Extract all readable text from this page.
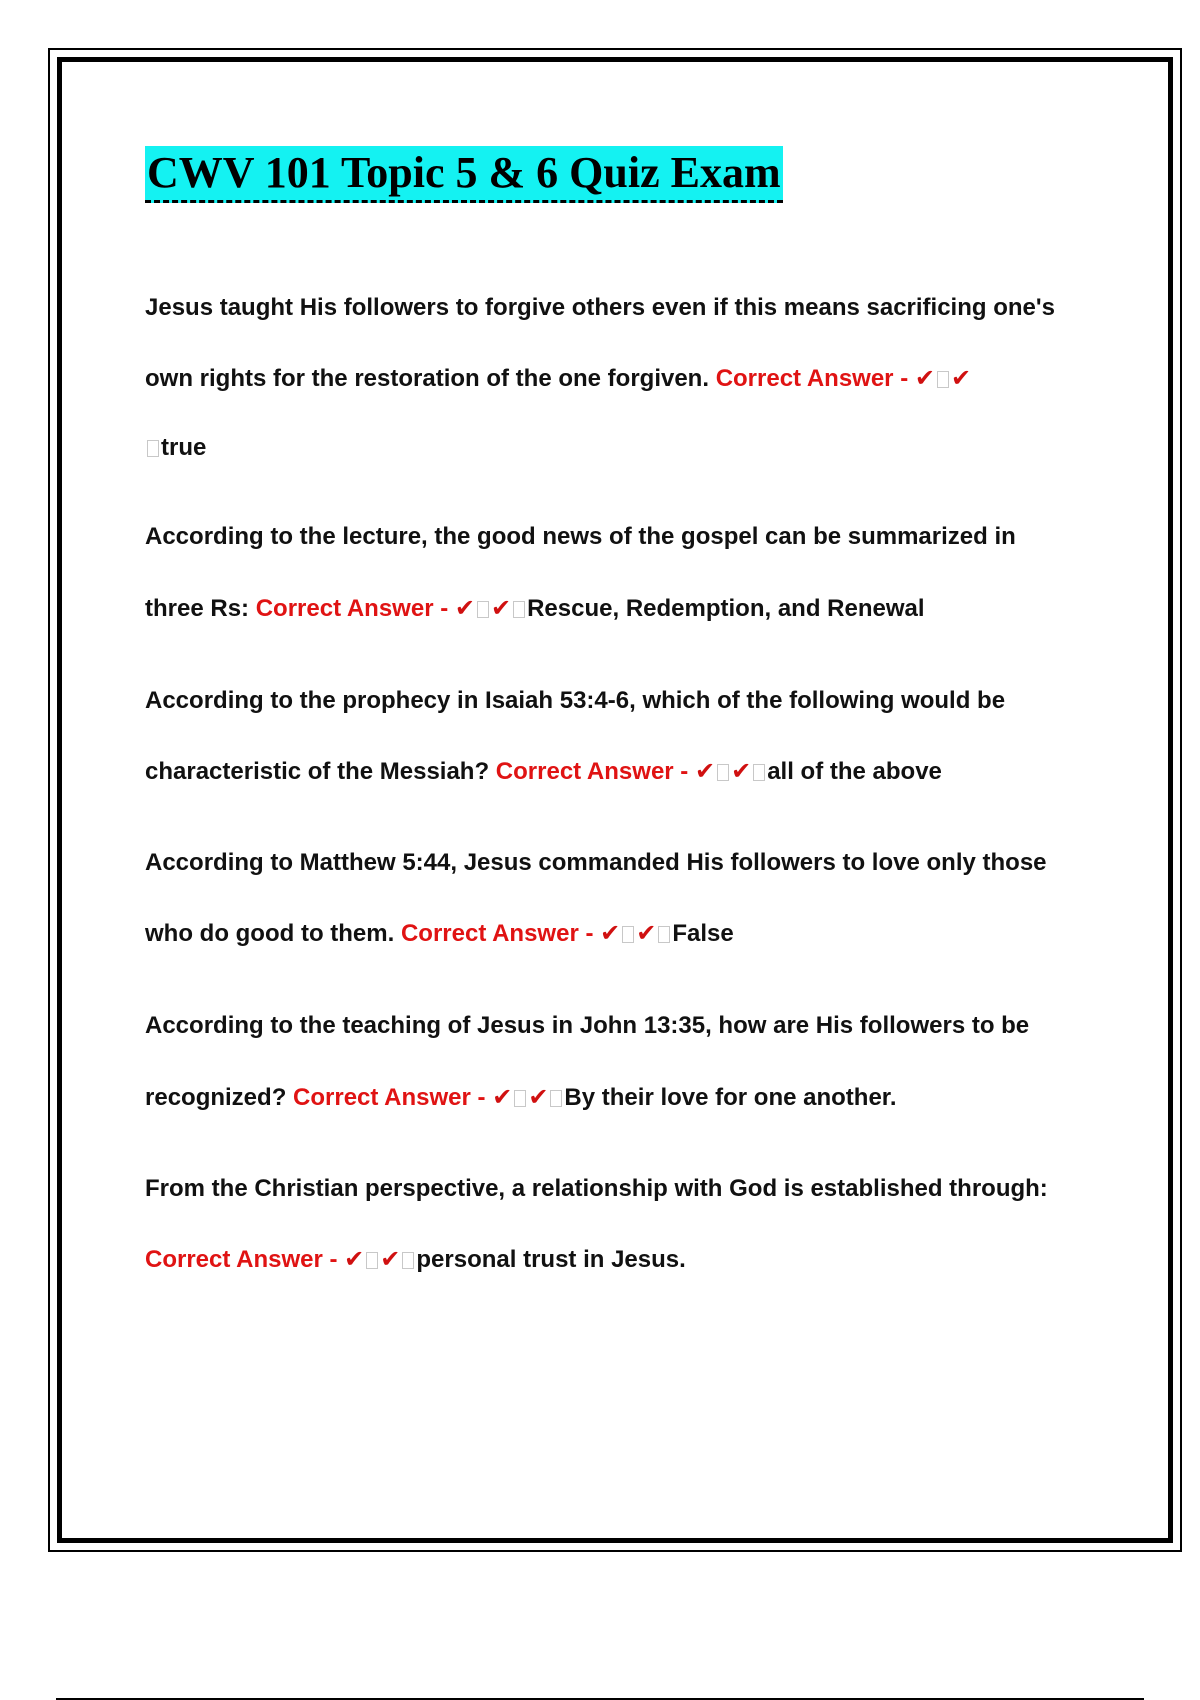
CWV 101 Topic 5 & 6 Quiz Exam
Jesus taught His followers to forgive others even if this means sacrificing one's
own rights for the restoration of the one forgiven. Correct Answer - ✔ ✔
true
According to the lecture, the good news of the gospel can be summarized in
three Rs: Correct Answer - ✔ ✔ Rescue, Redemption, and Renewal
According to the prophecy in Isaiah 53:4-6, which of the following would be
characteristic of the Messiah? Correct Answer - ✔ ✔ all of the above
According to Matthew 5:44, Jesus commanded His followers to love only those
who do good to them. Correct Answer - ✔ ✔ False
According to the teaching of Jesus in John 13:35, how are His followers to be
recognized? Correct Answer - ✔ ✔ By their love for one another.
From the Christian perspective, a relationship with God is established through:
Correct Answer - ✔ ✔ personal trust in Jesus.
